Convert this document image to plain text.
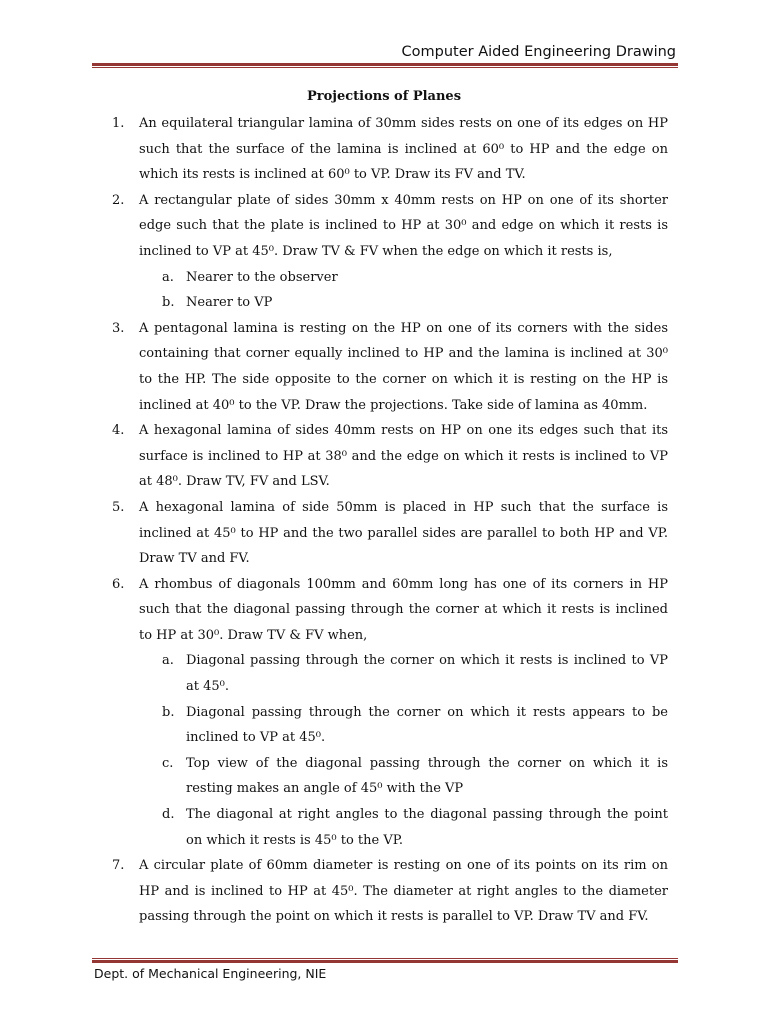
Computer Aided Engineering Drawing
Projections of Planes
1. An equilateral triangular lamina of 30mm sides rests on one of its edges on HP such that the surface of the lamina is inclined at 60⁰ to HP and the edge on which its rests is inclined at 60⁰ to VP. Draw its FV and TV.
2. A rectangular plate of sides 30mm x 40mm rests on HP on one of its shorter edge such that the plate is inclined to HP at 30⁰ and edge on which it rests is inclined to VP at 45⁰. Draw TV & FV when the edge on which it rests is,
a. Nearer to the observer
b. Nearer to VP
3. A pentagonal lamina is resting on the HP on one of its corners with the sides containing that corner equally inclined to HP and the lamina is inclined at 30⁰ to the HP. The side opposite to the corner on which it is resting on the HP is inclined at 40⁰ to the VP. Draw the projections. Take side of lamina as 40mm.
4. A hexagonal lamina of sides 40mm rests on HP on one its edges such that its surface is inclined to HP at 38⁰ and the edge on which it rests is inclined to VP at 48⁰. Draw TV, FV and LSV.
5. A hexagonal lamina of side 50mm is placed in HP such that the surface is inclined at 45⁰ to HP and the two parallel sides are parallel to both HP and VP. Draw TV and FV.
6. A rhombus of diagonals 100mm and 60mm long has one of its corners in HP such that the diagonal passing through the corner at which it rests is inclined to HP at 30⁰. Draw TV & FV when,
a. Diagonal passing through the corner on which it rests is inclined to VP at 45⁰.
b. Diagonal passing through the corner on which it rests appears to be inclined to VP at 45⁰.
c. Top view of the diagonal passing through the corner on which it is resting makes an angle of 45⁰ with the VP
d. The diagonal at right angles to the diagonal passing through the point on which it rests is 45⁰ to the VP.
7. A circular plate of 60mm diameter is resting on one of its points on its rim on HP and is inclined to HP at 45⁰. The diameter at right angles to the diameter passing through the point on which it rests is parallel to VP. Draw TV and FV.
Dept. of Mechanical Engineering, NIE
